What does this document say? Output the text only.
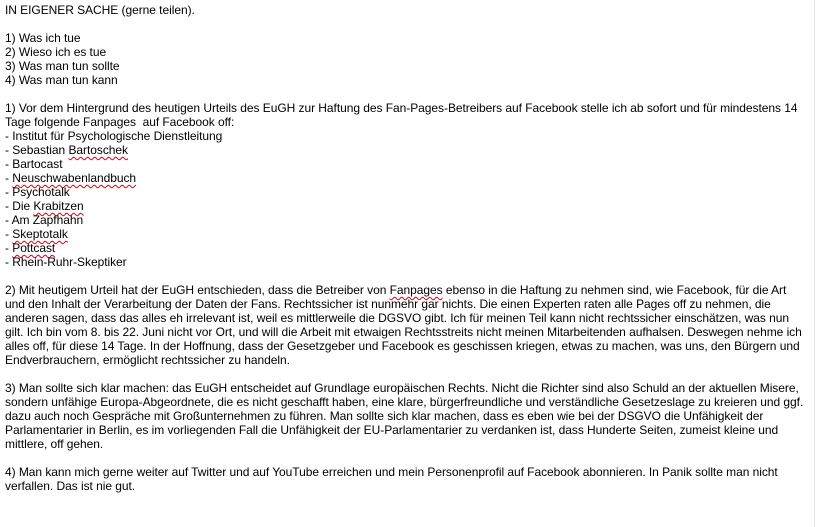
IN EIGENER SACHE (gerne teilen).
1) Was ich tue
2) Wieso ich es tue
3) Was man tun sollte
4) Was man tun kann
1) Vor dem Hintergrund des heutigen Urteils des EuGH zur Haftung des Fan-Pages-Betreibers auf Facebook stelle ich ab sofort und für mindestens 14
Tage folgende Fanpages  auf Facebook off:
- Institut für Psychologische Dienstleitung
- Sebastian Bartoschek
- Bartocast
- Neuschwabenlandbuch
- Psychotalk
- Die Krabitzen
- Am Zapfhahn
- Skeptotalk
- Pottcast
- Rhein-Ruhr-Skeptiker
2) Mit heutigem Urteil hat der EuGH entschieden, dass die Betreiber von Fanpages ebenso in die Haftung zu nehmen sind, wie Facebook, für die Art
und den Inhalt der Verarbeitung der Daten der Fans. Rechtssicher ist nunmehr gar nichts. Die einen Experten raten alle Pages off zu nehmen, die
anderen sagen, dass das alles eh irrelevant ist, weil es mittlerweile die DGSVO gibt. Ich für meinen Teil kann nicht rechtssicher einschätzen, was nun
gilt. Ich bin vom 8. bis 22. Juni nicht vor Ort, und will die Arbeit mit etwaigen Rechtsstreits nicht meinen Mitarbeitenden aufhalsen. Deswegen nehme ich
alles off, für diese 14 Tage. In der Hoffnung, dass der Gesetzgeber und Facebook es geschissen kriegen, etwas zu machen, was uns, den Bürgern und
Endverbrauchern, ermöglicht rechtssicher zu handeln.
3) Man sollte sich klar machen: das EuGH entscheidet auf Grundlage europäischen Rechts. Nicht die Richter sind also Schuld an der aktuellen Misere,
sondern unfähige Europa-Abgeordnete, die es nicht geschafft haben, eine klare, bürgerfreundliche und verständliche Gesetzeslage zu kreieren und ggf.
dazu auch noch Gespräche mit Großunternehmen zu führen. Man sollte sich klar machen, dass es eben wie bei der DSGVO die Unfähigkeit der
Parlamentarier in Berlin, es im vorliegenden Fall die Unfähigkeit der EU-Parlamentarier zu verdanken ist, dass Hunderte Seiten, zumeist kleine und
mittlere, off gehen.
4) Man kann mich gerne weiter auf Twitter und auf YouTube erreichen und mein Personenprofil auf Facebook abonnieren. In Panik sollte man nicht
verfallen. Das ist nie gut.
